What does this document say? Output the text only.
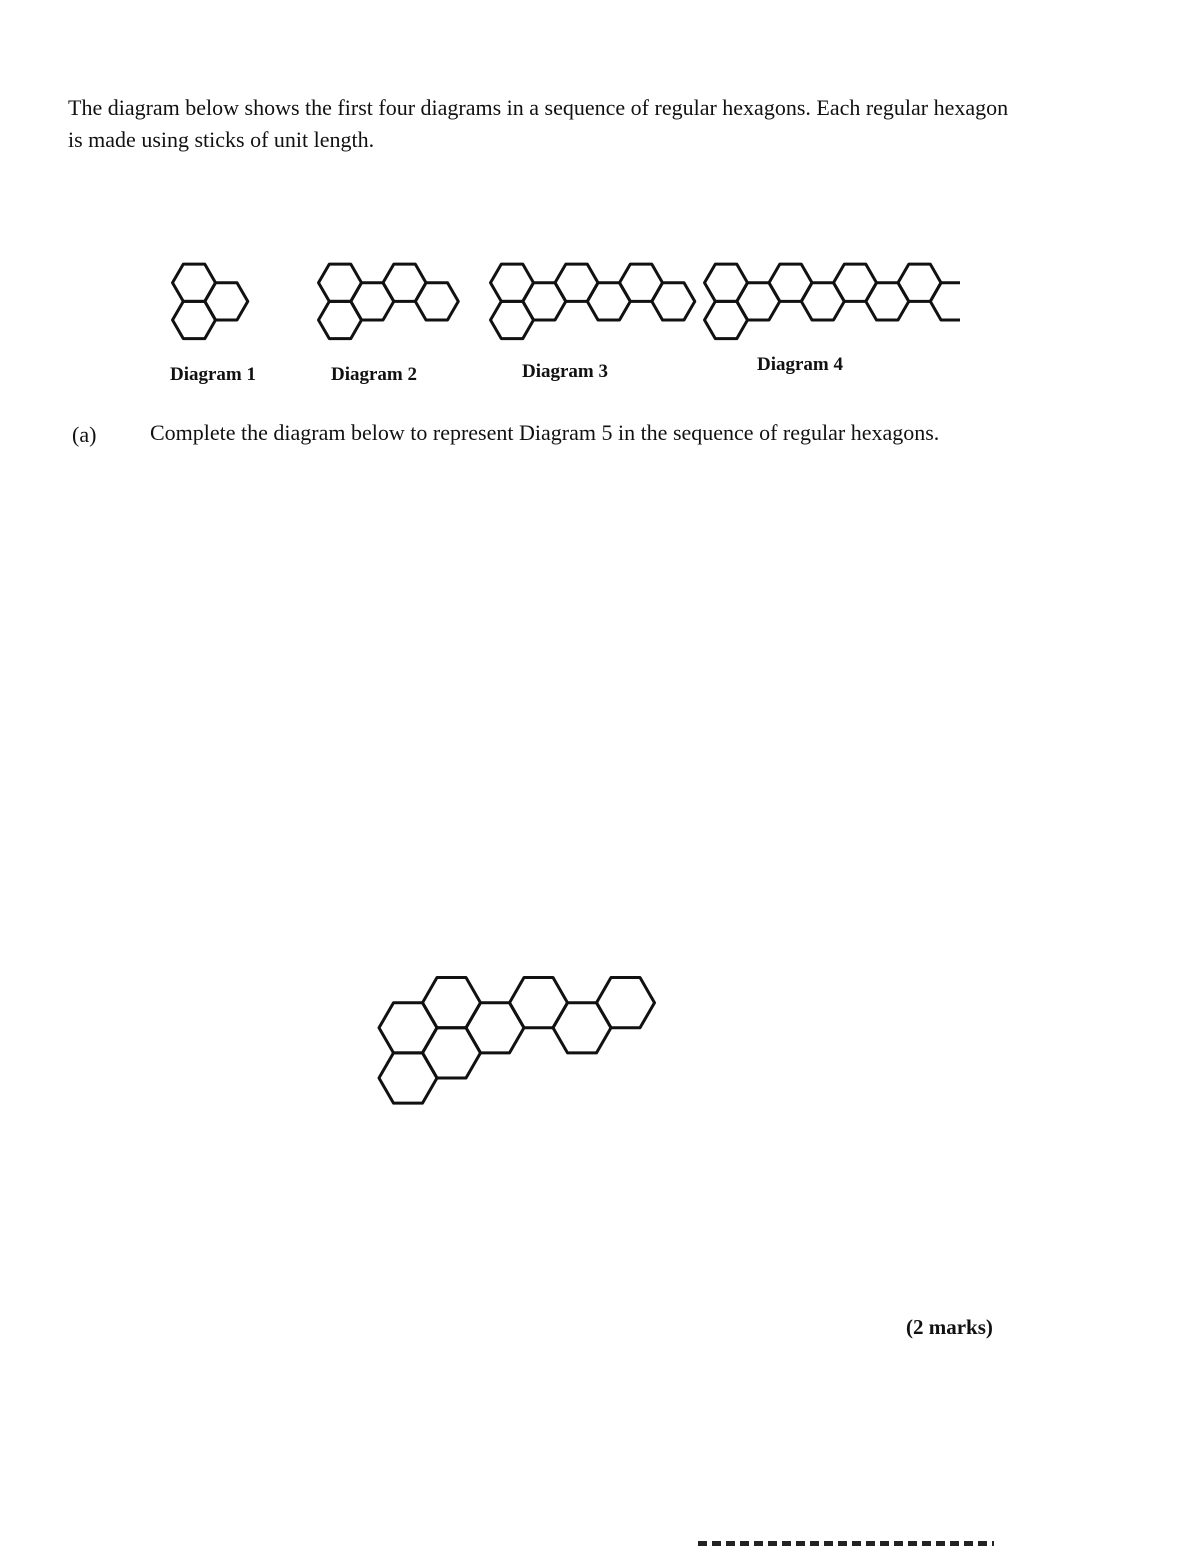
The diagram below shows the first four diagrams in a sequence of regular hexagons. Each regular hexagon is made using sticks of unit length.

Diagram 1	Diagram 2	Diagram 3	Diagram 4
(a) Complete the diagram below to represent Diagram 5 in the sequence of regular hexagons.
(2 marks)
